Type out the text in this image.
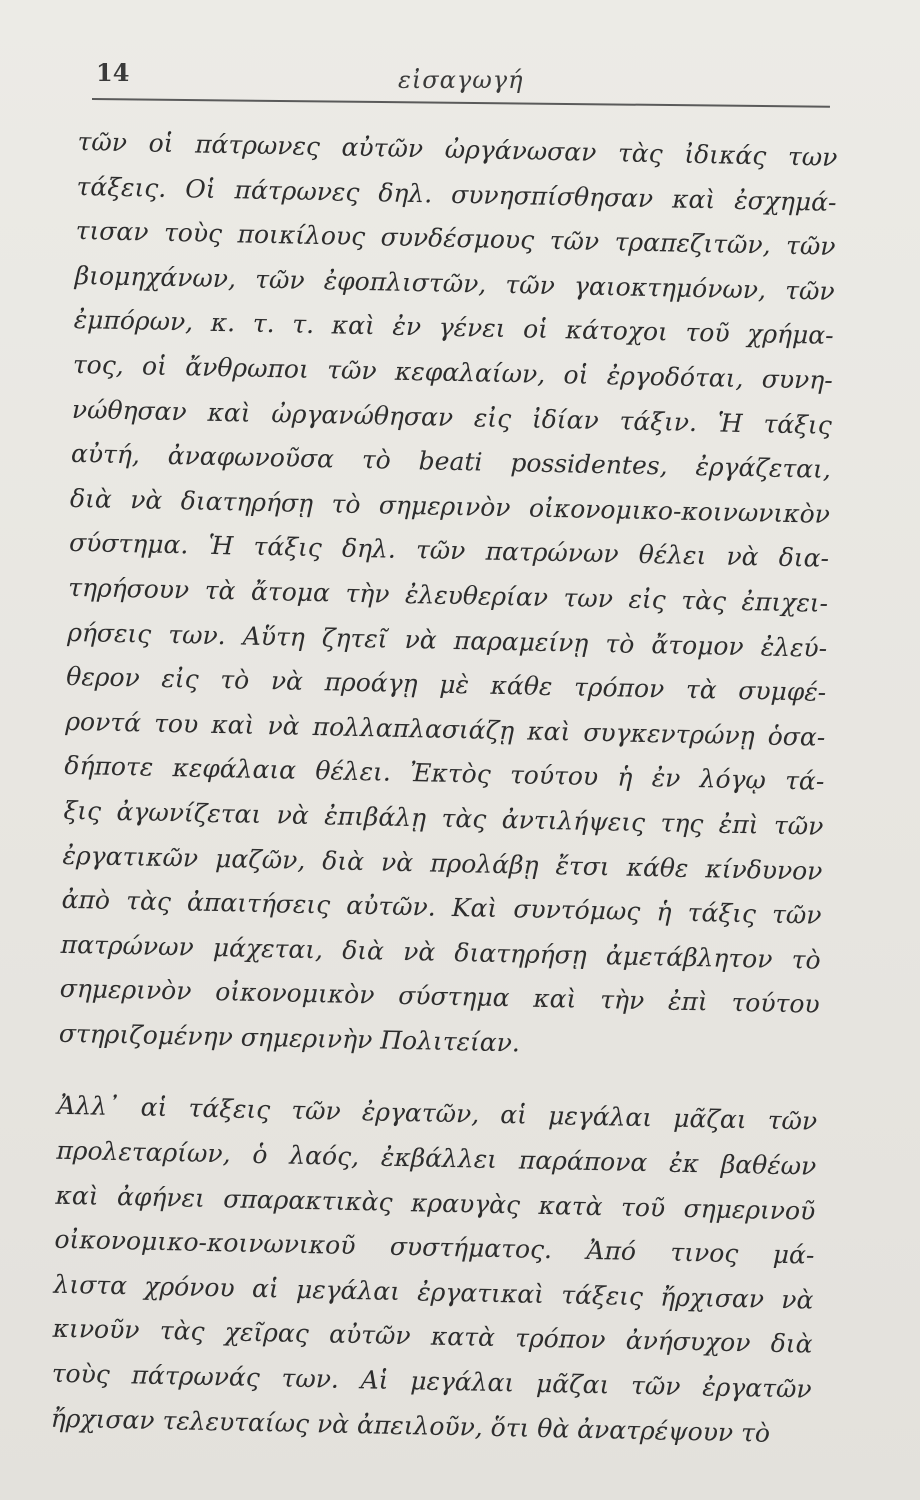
14	εἰσαγωγή
τῶν οἱ πάτρωνες αὐτῶν ὠργάνωσαν τὰς ἰδικάς των
τάξεις. Οἱ πάτρωνες δηλ. συνησπίσθησαν καὶ ἐσχημά-
τισαν τοὺς ποικίλους συνδέσμους τῶν τραπεζιτῶν, τῶν
βιομηχάνων, τῶν ἐφοπλιστῶν, τῶν γαιοκτημόνων, τῶν
ἐμπόρων, κ. τ. τ. καὶ ἐν γένει οἱ κάτοχοι τοῦ χρήμα-
τος, οἱ ἄνθρωποι τῶν κεφαλαίων, οἱ ἐργοδόται, συνη-
νώθησαν καὶ ὠργανώθησαν εἰς ἰδίαν τάξιν. Ἡ τάξις
αὐτή, ἀναφωνοῦσα τὸ beati possidentes, ἐργάζεται,
διὰ νὰ διατηρήσῃ τὸ σημερινὸν οἰκονομικο-κοινωνικὸν
σύστημα. Ἡ τάξις δηλ. τῶν πατρώνων θέλει νὰ δια-
τηρήσουν τὰ ἄτομα τὴν ἐλευθερίαν των εἰς τὰς ἐπιχει-
ρήσεις των. Αὕτη ζητεῖ νὰ παραμείνῃ τὸ ἄτομον ἐλεύ-
θερον εἰς τὸ νὰ προάγῃ μὲ κάθε τρόπον τὰ συμφέ-
ροντά του καὶ νὰ πολλαπλασιάζῃ καὶ συγκεντρώνῃ ὁσα-
δήποτε κεφάλαια θέλει. Ἐκτὸς τούτου ἡ ἐν λόγῳ τά-
ξις ἀγωνίζεται νὰ ἐπιβάλῃ τὰς ἀντιλήψεις της ἐπὶ τῶν
ἐργατικῶν μαζῶν, διὰ νὰ προλάβῃ ἔτσι κάθε κίνδυνον
ἀπὸ τὰς ἀπαιτήσεις αὐτῶν. Καὶ συντόμως ἡ τάξις τῶν
πατρώνων μάχεται, διὰ νὰ διατηρήσῃ ἀμετάβλητον τὸ
σημερινὸν οἰκονομικὸν σύστημα καὶ τὴν ἐπὶ τούτου
στηριζομένην σημερινὴν Πολιτείαν.
Ἀλλ᾽ αἱ τάξεις τῶν ἐργατῶν, αἱ μεγάλαι μᾶζαι τῶν
προλεταρίων, ὁ λαός, ἐκβάλλει παράπονα ἐκ βαθέων
καὶ ἀφήνει σπαρακτικὰς κραυγὰς κατὰ τοῦ σημερινοῦ
οἰκονομικο-κοινωνικοῦ συστήματος. Ἀπό τινος μά-
λιστα χρόνου αἱ μεγάλαι ἐργατικαὶ τάξεις ἤρχισαν νὰ
κινοῦν τὰς χεῖρας αὐτῶν κατὰ τρόπον ἀνήσυχον διὰ
τοὺς πάτρωνάς των. Αἱ μεγάλαι μᾶζαι τῶν ἐργατῶν
ἤρχισαν τελευταίως νὰ ἀπειλοῦν, ὅτι θὰ ἀνατρέψουν τὸ
